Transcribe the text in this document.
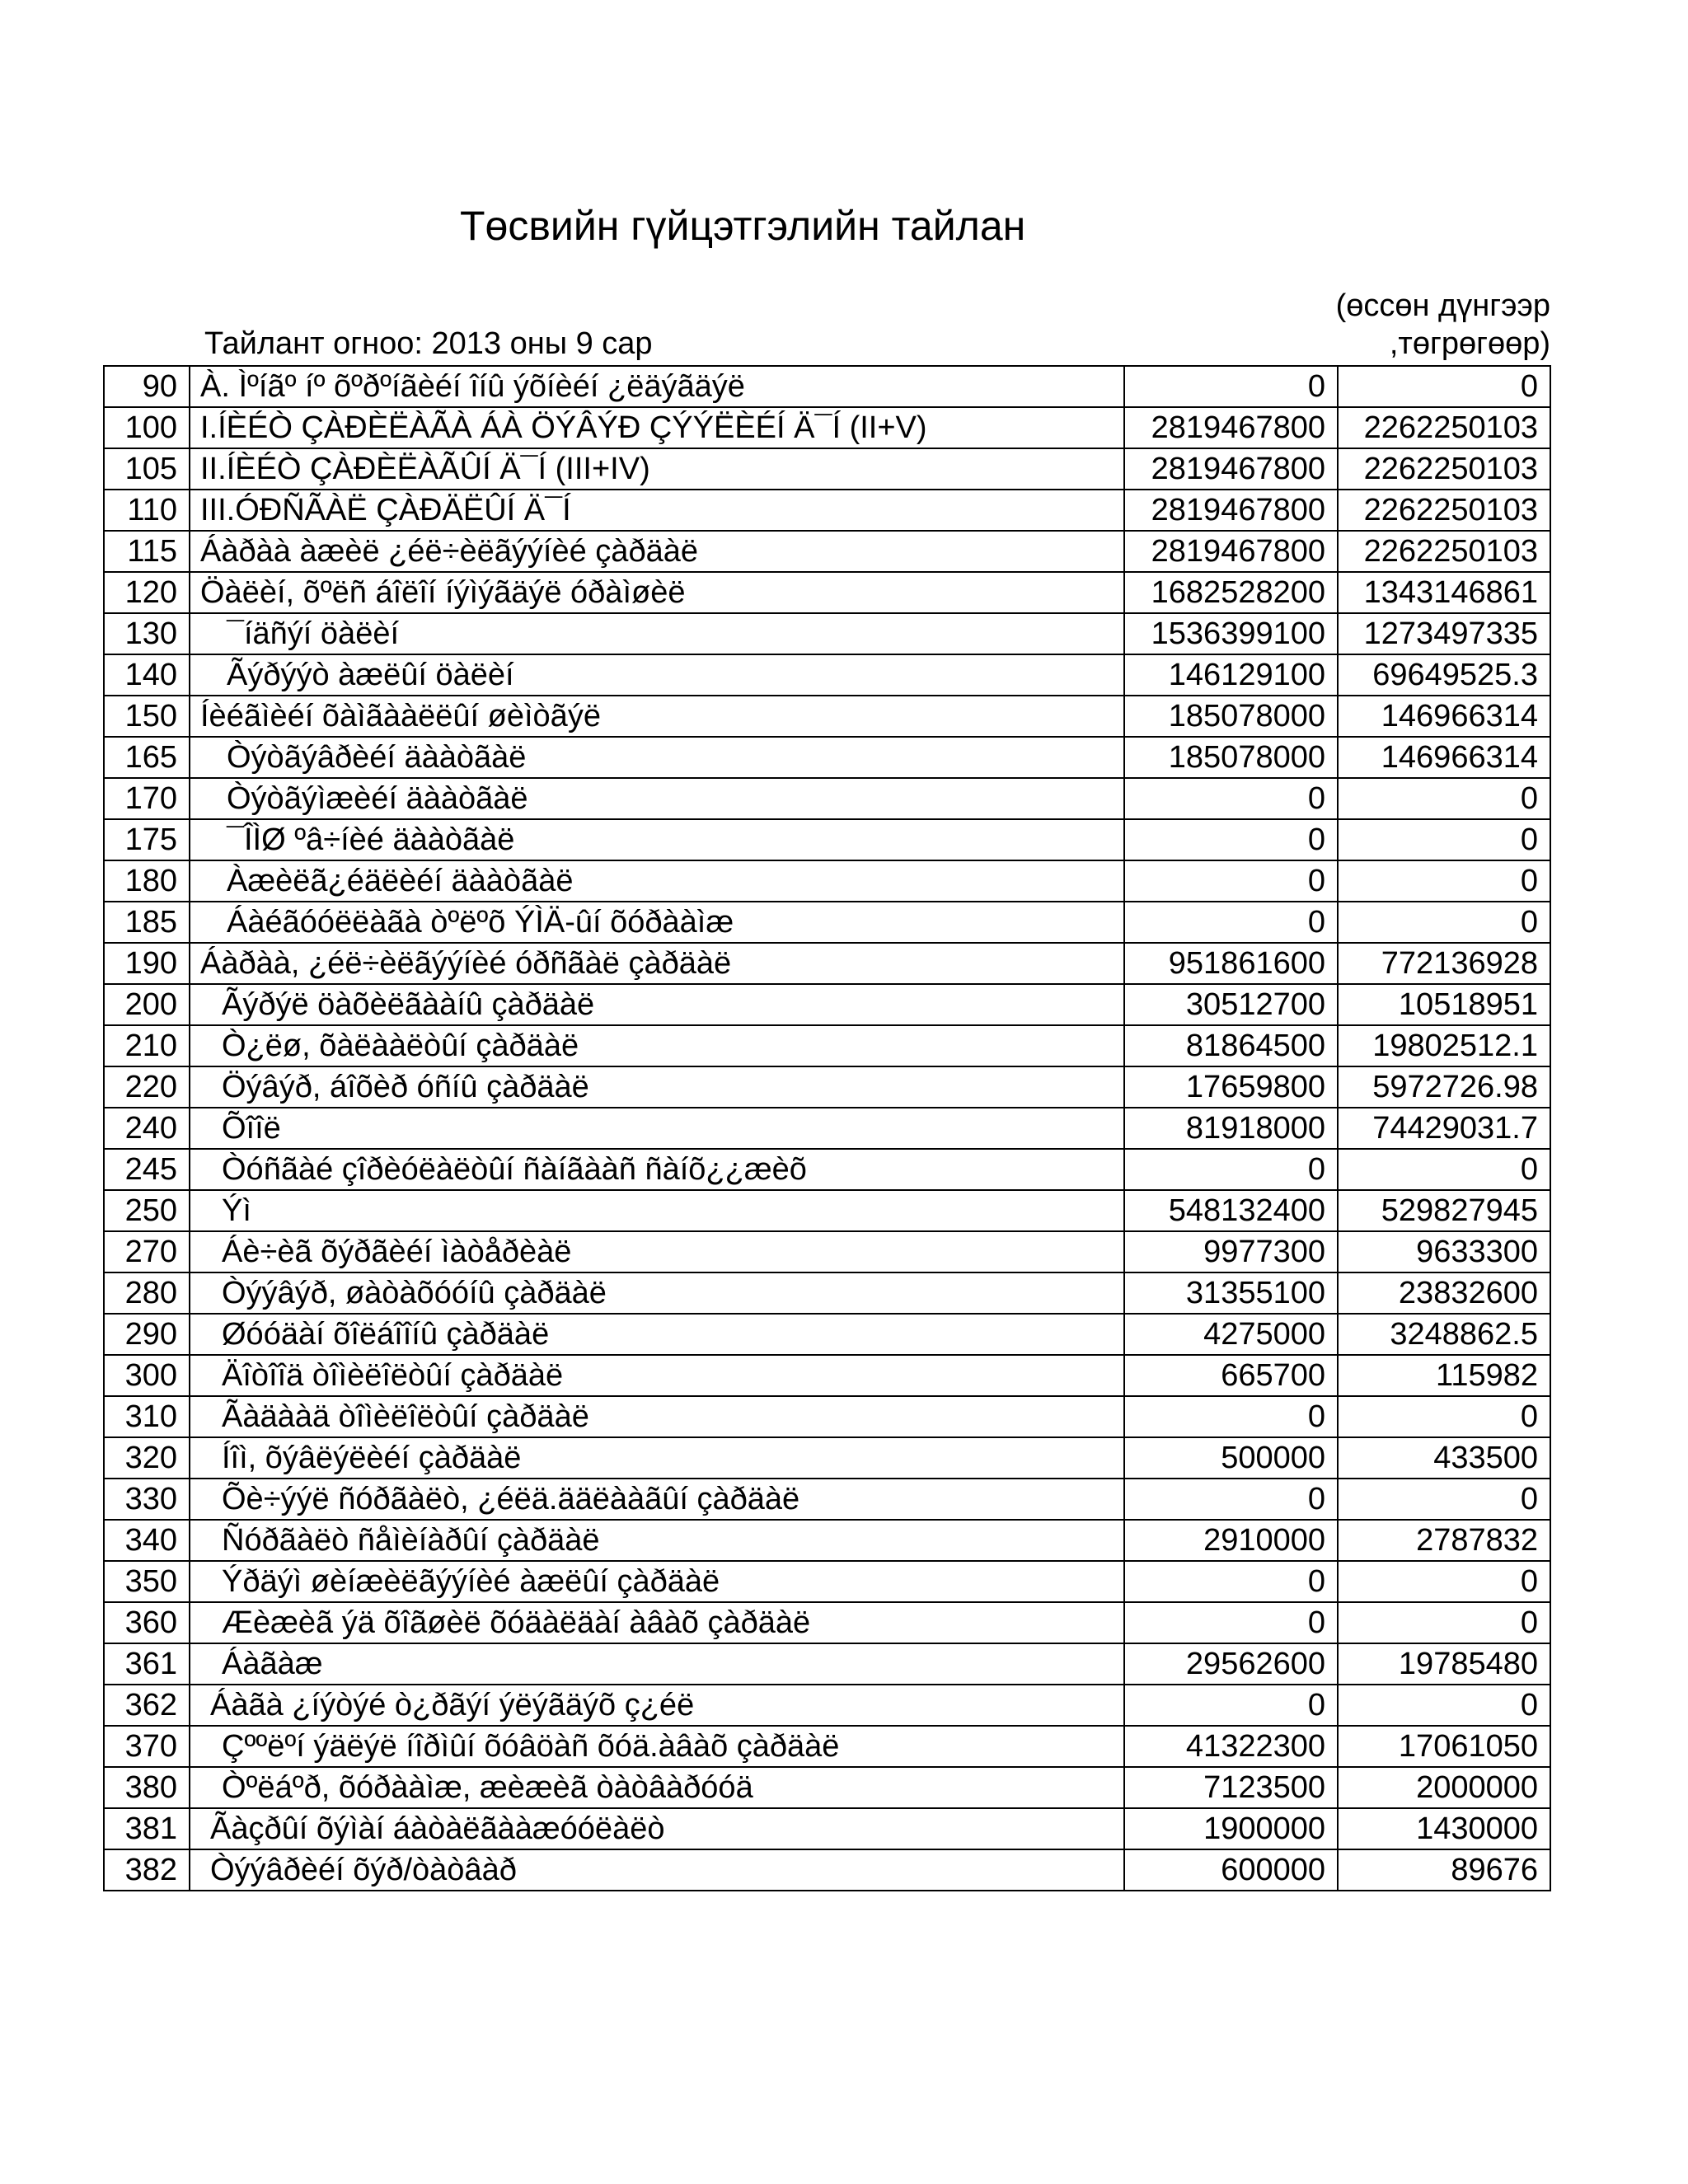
Төсвийн гүйцэтгэлийн тайлан
Тайлант огноо: 2013 оны 9 сар
(өссөн дүнгээр
,төгрөгөөр)
90	À. Ìºíãº íº õºðºíãèéí îíû ýõíèéí ¿ëäýãäýë	0	0
100	I.ÍÈÉÒ ÇÀÐÈËÀÃÀ ÁÀ ÖÝÂÝÐ ÇÝÝËÈÉÍ Ä¯Í (II+V)	2819467800	2262250103
105	II.ÍÈÉÒ ÇÀÐÈËÀÃÛÍ Ä¯Í (III+IV)	2819467800	2262250103
110	III.ÓÐÑÃÀË ÇÀÐÄËÛÍ Ä¯Í	2819467800	2262250103
115	Áàðàà àæèë ¿éë÷èëãýýíèé çàðäàë	2819467800	2262250103
120	Öàëèí, õºëñ áîëîí íýìýãäýë óðàìøèë	1682528200	1343146861
130	¯íäñýí öàëèí	1536399100	1273497335
140	Ãýðýýò àæëûí öàëèí	146129100	69649525.3
150	Íèéãìèéí õàìãààëëûí øèìòãýë	185078000	146966314
165	Òýòãýâðèéí äààòãàë	185078000	146966314
170	Òýòãýìæèéí äààòãàë	0	0
175	¯ÎÌØ ºâ÷íèé äààòãàë	0	0
180	Àæèëã¿éäëèéí äààòãàë	0	0
185	Áàéãóóëëàãà òºëºõ ÝÌÄ-ûí õóðààìæ	0	0
190	Áàðàà, ¿éë÷èëãýýíèé óðñãàë çàðäàë	951861600	772136928
200	Ãýðýë öàõèëãààíû çàðäàë	30512700	10518951
210	Ò¿ëø, õàëààëòûí çàðäàë	81864500	19802512.1
220	Öýâýð, áîõèð óñíû çàðäàë	17659800	5972726.98
240	Õîîë	81918000	74429031.7
245	Òóñãàé çîðèóëàëòûí ñàíãààñ ñàíõ¿¿æèõ	0	0
250	Ýì	548132400	529827945
270	Áè÷èã õýðãèéí ìàòåðèàë	9977300	9633300
280	Òýýâýð, øàòàõóóíû çàðäàë	31355100	23832600
290	Øóóäàí õîëáîîíû çàðäàë	4275000	3248862.5
300	Äîòîîä òîìèëîëòûí çàðäàë	665700	115982
310	Ãàäààä òîìèëîëòûí çàðäàë	0	0
320	Íîì, õýâëýëèéí çàðäàë	500000	433500
330	Õè÷ýýë ñóðãàëò, ¿éëä.ääëààãûí çàðäàë	0	0
340	Ñóðãàëò ñåìèíàðûí çàðäàë	2910000	2787832
350	Ýðäýì øèíæèëãýýíèé àæëûí çàðäàë	0	0
360	Æèæèã ýä õîãøèë õóäàëäàí àâàõ çàðäàë	0	0
361	Áàãàæ	29562600	19785480
362	Áàãà ¿íýòýé ò¿ðãýí ýëýãäýõ ç¿éë	0	0
370	Çººëºí ýäëýë íîðìûí õóâöàñ õóä.àâàõ çàðäàë	41322300	17061050
380	Òºëáºð, õóðààìæ, æèæèã òàòâàðóóä	7123500	2000000
381	Ãàçðûí õýìàí áàòàëãààæóóëàëò	1900000	1430000
382	Òýýâðèéí õýð/òàòâàð	600000	89676
